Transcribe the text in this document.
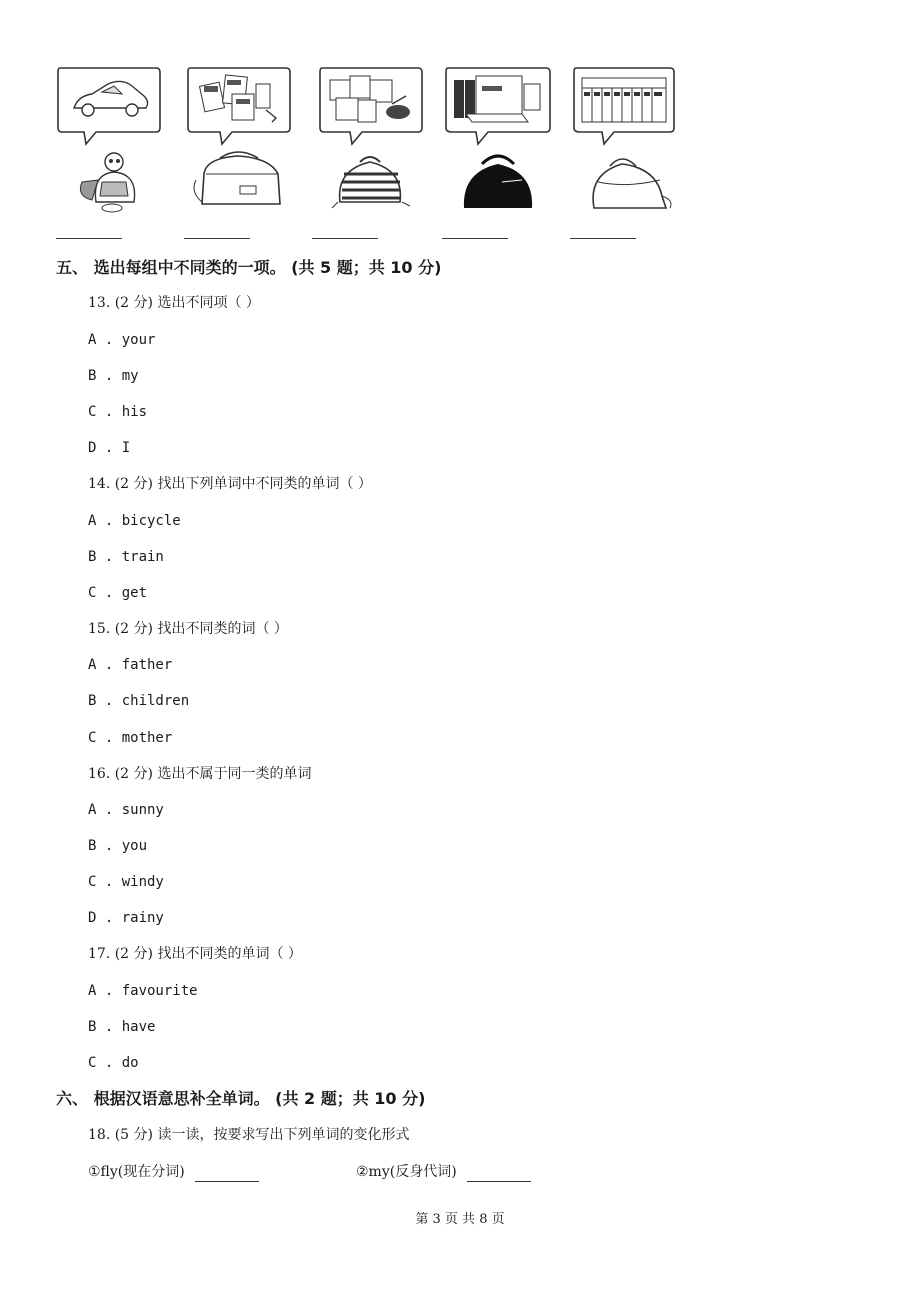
五、 选出每组中不同类的一项。 (共 5 题；共 10 分)
13. (2 分) 选出不同项（ ）
A . your
B . my
C . his
D . I
14. (2 分) 找出下列单词中不同类的单词（ ）
A . bicycle
B . train
C . get
15. (2 分) 找出不同类的词（ ）
A . father
B . children
C . mother
16. (2 分) 选出不属于同一类的单词
A . sunny
B . you
C . windy
D . rainy
17. (2 分) 找出不同类的单词（ ）
A . favourite
B . have
C . do
六、 根据汉语意思补全单词。 (共 2 题；共 10 分)
18. (5 分) 读一读，按要求写出下列单词的变化形式
①fly(现在分词)	②my(反身代词)
第 3 页 共 8 页
